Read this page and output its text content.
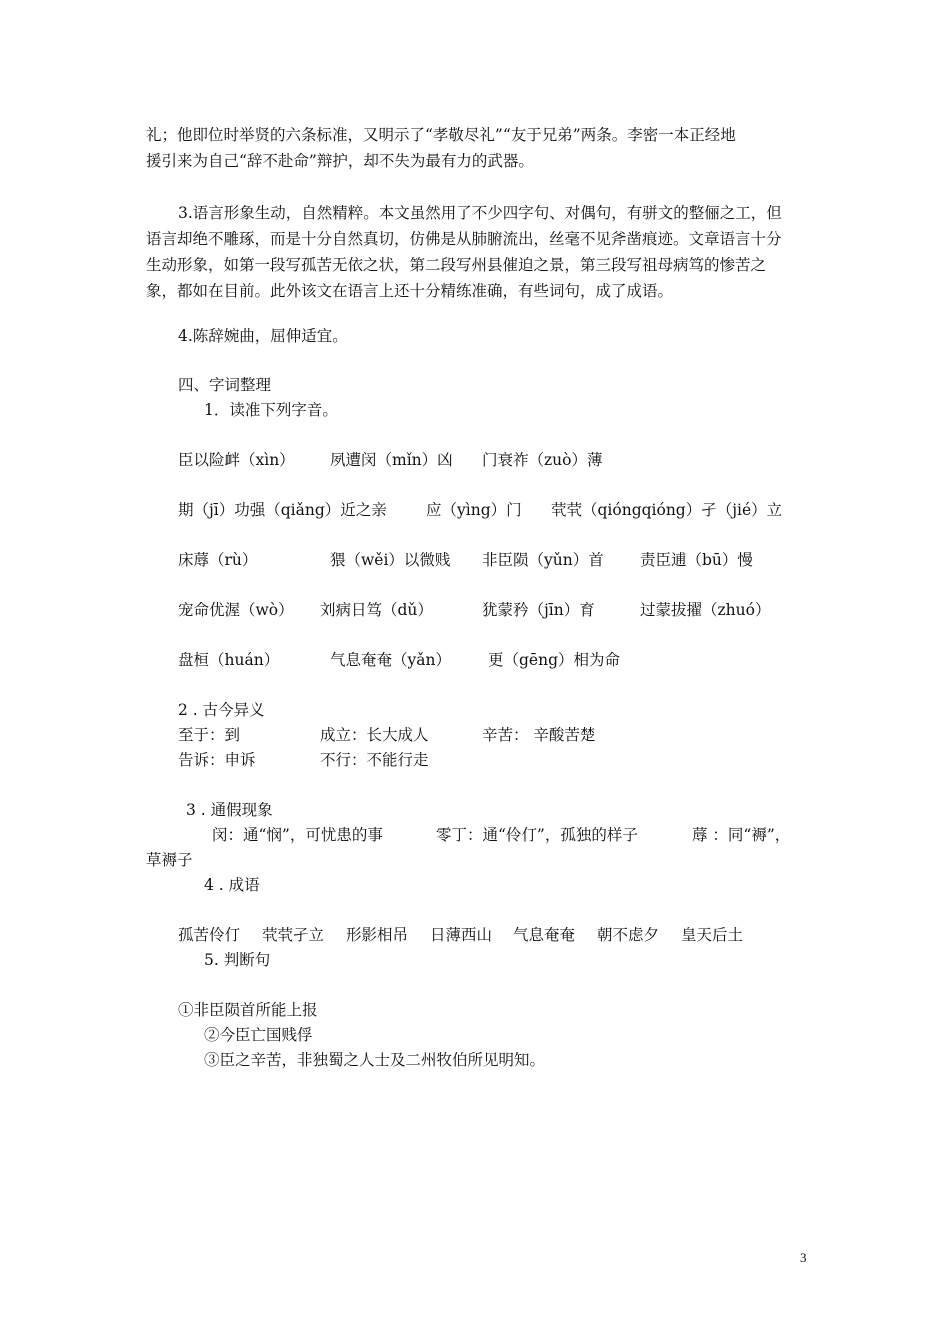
礼；他即位时举贤的六条标准，又明示了“孝敬尽礼”“友于兄弟”两条。李密一本正经地
援引来为自己“辞不赴命”辩护，却不失为最有力的武器。
3.语言形象生动，自然精粹。本文虽然用了不少四字句、对偶句，有骈文的整俪之工，但
语言却绝不雕琢，而是十分自然真切，仿佛是从肺腑流出，丝毫不见斧凿痕迹。文章语言十分
生动形象，如第一段写孤苦无依之状，第二段写州县催迫之景，第三段写祖母病笃的惨苦之
象，都如在目前。此外该文在语言上还十分精练准确，有些词句，成了成语。
4.陈辞婉曲，屈伸适宜。
四、字词整理
1．读准下列字音。
臣以险衅（xìn） 夙遭闵（mǐn）凶 门衰祚（zuò）薄
期（jī）功强（qiǎng）近之亲	应（yìng）门 茕茕（qióngqióng）孑（jié）立
床蓐（rù）	猥（wěi）以微贱 非臣陨（yǔn）首 责臣逋（bū）慢
宠命优渥（wò） 刘病日笃（dǔ）	犹蒙矜（jīn）育	过蒙拔擢（zhuó）
盘桓（huán）	气息奄奄（yǎn） 更（gēng）相为命
2 . 古今异义
至于：到	成立：长大成人	辛苦： 辛酸苦楚
告诉：申诉	不行：不能行走
3 . 通假现象
闵：通“悯”，可忧患的事	零丁：通“伶仃”，孤独的样子	蓐 ：同“褥”，
草褥子
4 . 成语
孤苦伶仃 茕茕孑立 形影相吊 日薄西山 气息奄奄 朝不虑夕 皇天后土
5. 判断句
①非臣陨首所能上报
②今臣亡国贱俘
③臣之辛苦，非独蜀之人士及二州牧伯所见明知。
3
